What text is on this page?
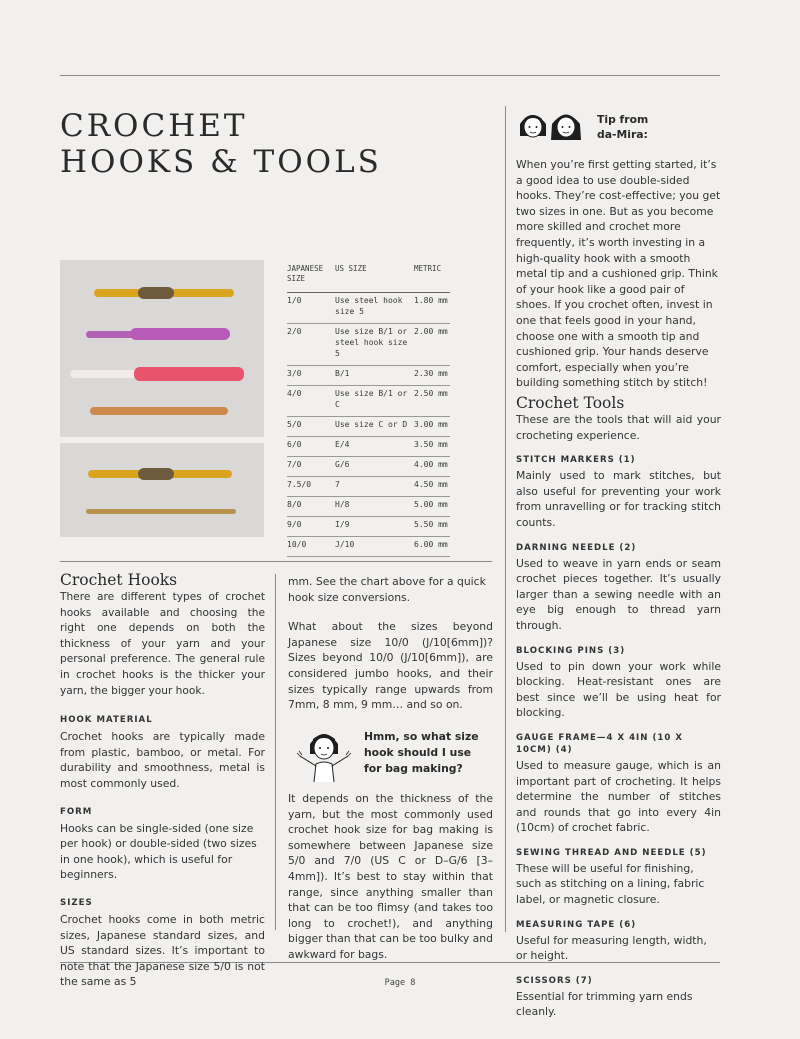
CROCHET
HOOKS & TOOLS
JAPANESE SIZE	US SIZE	METRIC
1/0	Use steel hook size 5	1.80 mm
2/0	Use size B/1 or steel hook size 5	2.00 mm
3/0	B/1	2.30 mm
4/0	Use size B/1 or C	2.50 mm
5/0	Use size C or D	3.00 mm
6/0	E/4	3.50 mm
7/0	G/6	4.00 mm
7.5/0	7	4.50 mm
8/0	H/8	5.00 mm
9/0	I/9	5.50 mm
10/0	J/10	6.00 mm
Crochet Hooks

There are different types of crochet hooks available and choosing the right one depends on both the thickness of your yarn and your personal preference. The general rule in crochet hooks is the thicker your yarn, the bigger your hook.

HOOK MATERIAL

Crochet hooks are typically made from plastic, bamboo, or metal. For durability and smoothness, metal is most commonly used.

FORM

Hooks can be single-sided (one size per hook) or double-sided (two sizes in one hook), which is useful for beginners.

SIZES

Crochet hooks come in both metric sizes, Japanese standard sizes, and US standard sizes. It’s important to note that the Japanese size 5/0 is not the same as 5

mm. See the chart above for a quick hook size conversions.

What about the sizes beyond Japanese size 10/0 (J/10[6mm])? Sizes beyond 10/0 (J/10[6mm]), are considered jumbo hooks, and their sizes typically range upwards from 7mm, 8 mm, 9 mm… and so on.

Hmm, so what size hook should I use for bag making?

It depends on the thickness of the yarn, but the most commonly used crochet hook size for bag making is somewhere between Japanese size 5/0 and 7/0 (US C or D–G/6 [3–4mm]). It’s best to stay within that range, since anything smaller than that can be too flimsy (and takes too long to crochet!), and anything bigger than that can be too bulky and awkward for bags.

Tip from

da-Mira:

When you’re first getting started, it’s a good idea to use double-sided hooks. They’re cost-effective; you get two sizes in one. But as you become more skilled and crochet more frequently, it’s worth investing in a high-quality hook with a smooth metal tip and a cushioned grip. Think of your hook like a good pair of shoes. If you crochet often, invest in one that feels good in your hand, choose one with a smooth tip and cushioned grip. Your hands deserve comfort, especially when you’re building something stitch by stitch!

Crochet Tools

These are the tools that will aid your crocheting experience.

STITCH MARKERS (1)

Mainly used to mark stitches, but also useful for preventing your work from unravelling or for tracking stitch counts.

DARNING NEEDLE (2)

Used to weave in yarn ends or seam crochet pieces together. It’s usually larger than a sewing needle with an eye big enough to thread yarn through.

BLOCKING PINS (3)

Used to pin down your work while blocking. Heat-resistant ones are best since we’ll be using heat for blocking.

GAUGE FRAME—4 X 4IN (10 X 10CM) (4)

Used to measure gauge, which is an important part of crocheting. It helps determine the number of stitches and rounds that go into every 4in (10cm) of crochet fabric.

SEWING THREAD AND NEEDLE (5)

These will be useful for finishing, such as stitching on a lining, fabric label, or magnetic closure.

MEASURING TAPE (6)

Useful for measuring length, width, or height.

SCISSORS (7)

Essential for trimming yarn ends cleanly.

Page 8
